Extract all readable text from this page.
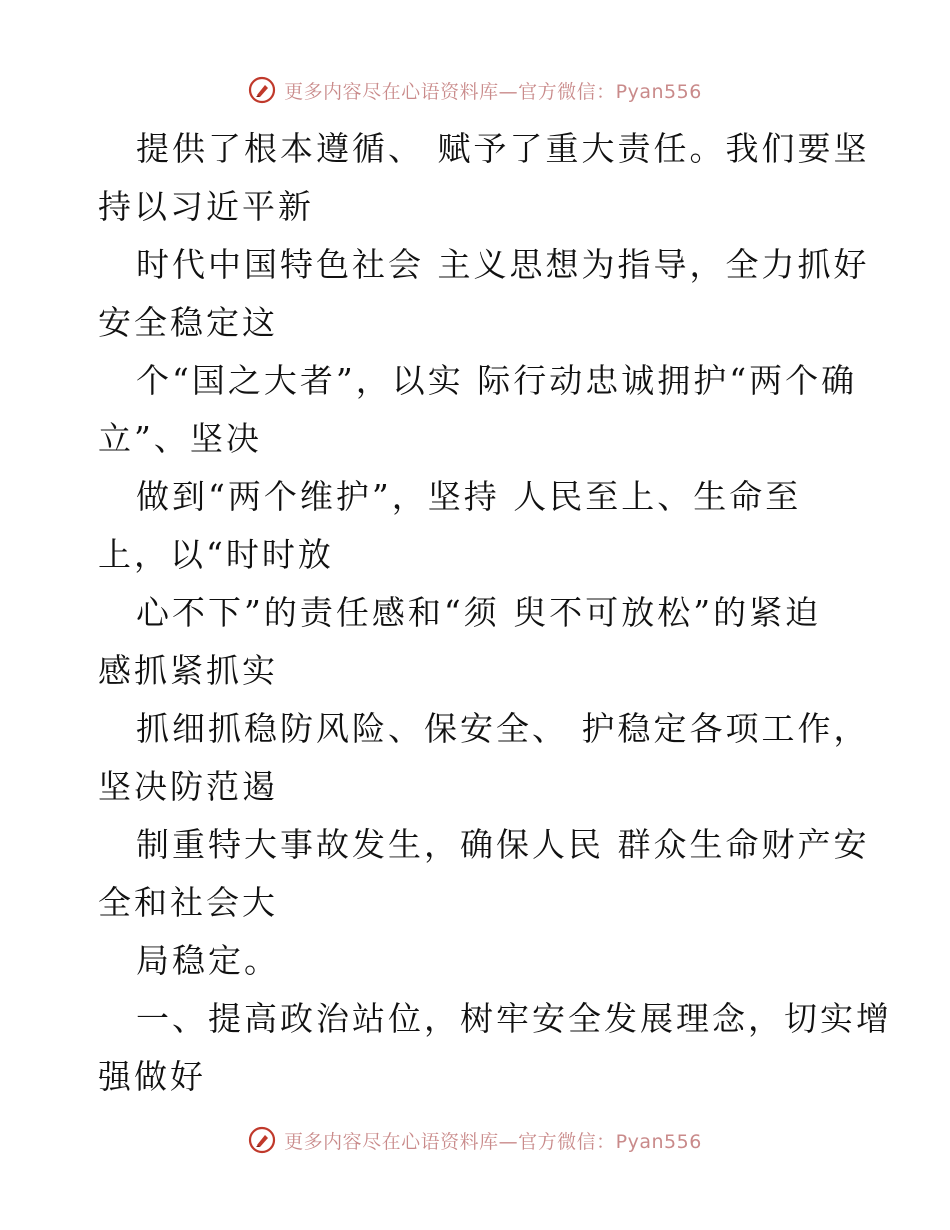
更多内容尽在心语资料库—官方微信：Pyan556
提供了根本遵循、 赋予了重大责任。我们要坚
持以习近平新
时代中国特色社会 主义思想为指导，全力抓好
安全稳定这
个“国之大者”，以实 际行动忠诚拥护“两个确
立”、坚决
做到“两个维护”，坚持 人民至上、生命至
上，以“时时放
心不下”的责任感和“须 臾不可放松”的紧迫
感抓紧抓实
抓细抓稳防风险、保安全、 护稳定各项工作，
坚决防范遏
制重特大事故发生，确保人民 群众生命财产安
全和社会大
局稳定。
一、提高政治站位，树牢安全发展理念，切实增
强做好
更多内容尽在心语资料库—官方微信：Pyan556
